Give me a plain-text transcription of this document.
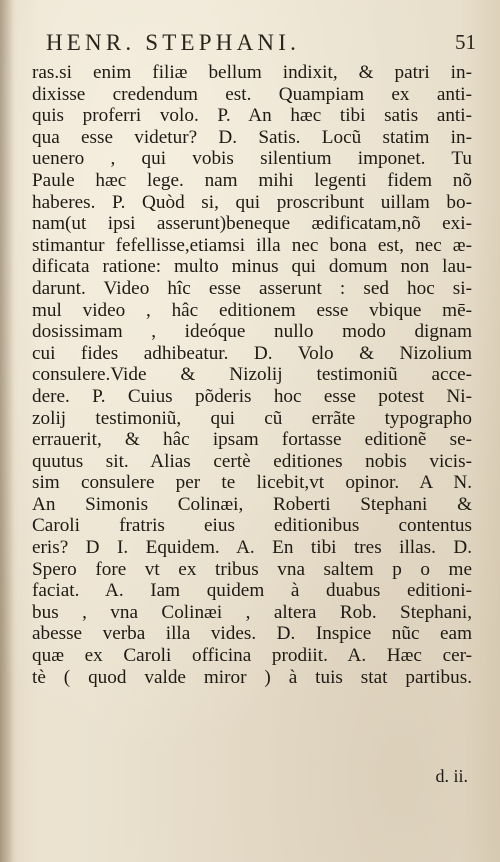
HENR. STEPHANI.	51
ras.si enim filiæ bellum indixit, & patri in-
dixisse credendum est. Quampiam ex anti-
quis proferri volo. P. An hæc tibi satis anti-
qua esse videtur? D. Satis. Locũ statim in-
uenero , qui vobis silentium imponet. Tu
Paule hæc lege. nam mihi legenti fidem nõ
haberes. P. Quòd si, qui proscribunt uillam bo-
nam(ut ipsi asserunt)beneque ædificatam,nõ exi-
stimantur fefellisse,etiamsi illa nec bona est, nec æ-
dificata ratione: multo minus qui domum non lau-
darunt. Video hîc esse asserunt : sed hoc si-
mul video , hâc editionem esse vbique mē-
dosissimam , ideóque nullo modo dignam
cui fides adhibeatur. D. Volo & Nizolium
consulere.Vide & Nizolij testimoniũ acce-
dere. P. Cuius põderis hoc esse potest Ni-
zolij testimoniũ, qui cũ errãte typographo
errauerit, & hâc ipsam fortasse editionẽ se-
quutus sit. Alias certè editiones nobis vicis-
sim consulere per te licebit,vt opinor. A N.
An Simonis Colinæi, Roberti Stephani &
Caroli fratris eius editionibus contentus
eris? D I. Equidem. A. En tibi tres illas. D.
Spero fore vt ex tribus vna saltem p o me
faciat. A. Iam quidem à duabus editioni-
bus , vna Colinæi , altera Rob. Stephani,
abesse verba illa vides. D. Inspice nũc eam
quæ ex Caroli officina prodiit. A. Hæc cer-
tè ( quod valde miror ) à tuis stat partibus.
d. ii.
